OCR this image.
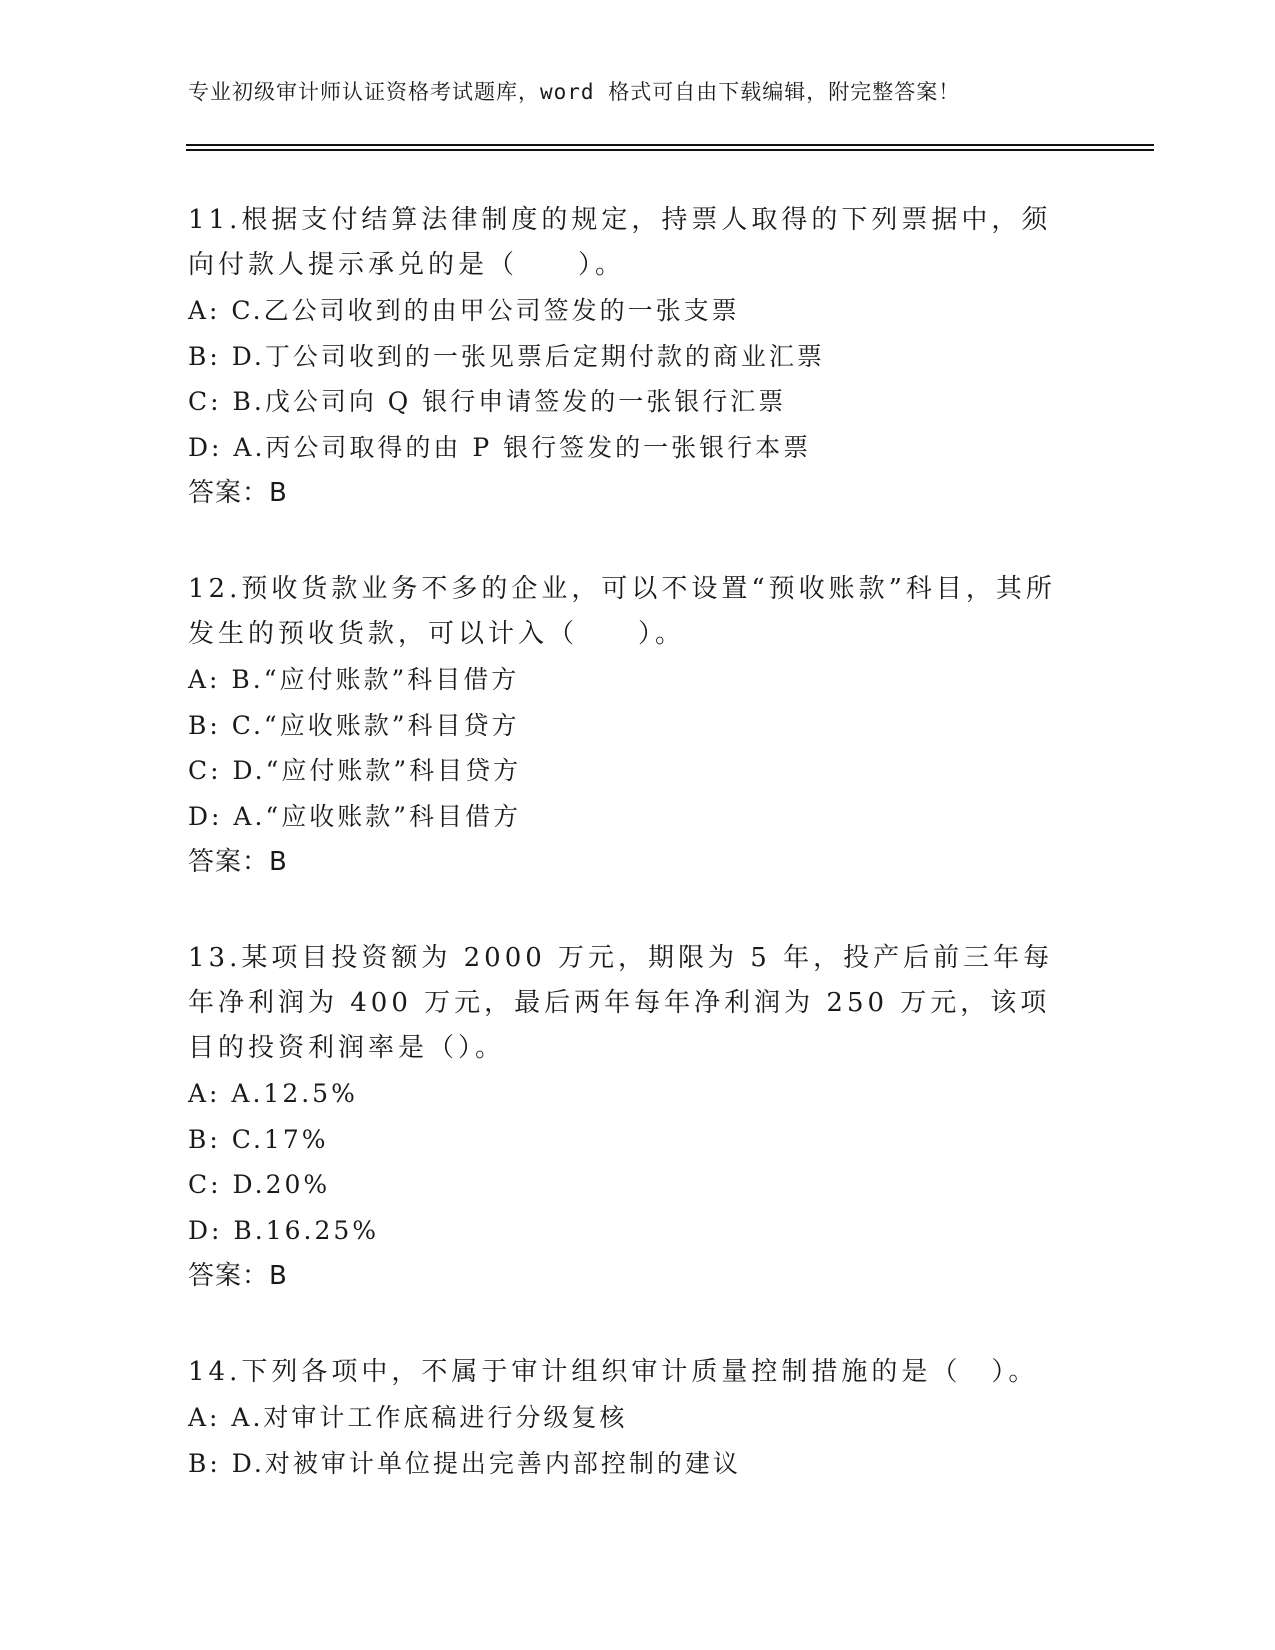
专业初级审计师认证资格考试题库，word 格式可自由下载编辑，附完整答案！
11.根据支付结算法律制度的规定，持票人取得的下列票据中，须向付款人提示承兑的是（　　）。
A: C.乙公司收到的由甲公司签发的一张支票
B: D.丁公司收到的一张见票后定期付款的商业汇票
C: B.戊公司向 Q 银行申请签发的一张银行汇票
D: A.丙公司取得的由 P 银行签发的一张银行本票
答案：B
12.预收货款业务不多的企业，可以不设置“预收账款”科目，其所发生的预收货款，可以计入（　　）。
A: B.“应付账款”科目借方
B: C.“应收账款”科目贷方
C: D.“应付账款”科目贷方
D: A.“应收账款”科目借方
答案：B
13.某项目投资额为 2000 万元，期限为 5 年，投产后前三年每年净利润为 400 万元，最后两年每年净利润为 250 万元，该项目的投资利润率是（）。
A: A.12.5%
B: C.17%
C: D.20%
D: B.16.25%
答案：B
14.下列各项中，不属于审计组织审计质量控制措施的是（　）。
A: A.对审计工作底稿进行分级复核
B: D.对被审计单位提出完善内部控制的建议
